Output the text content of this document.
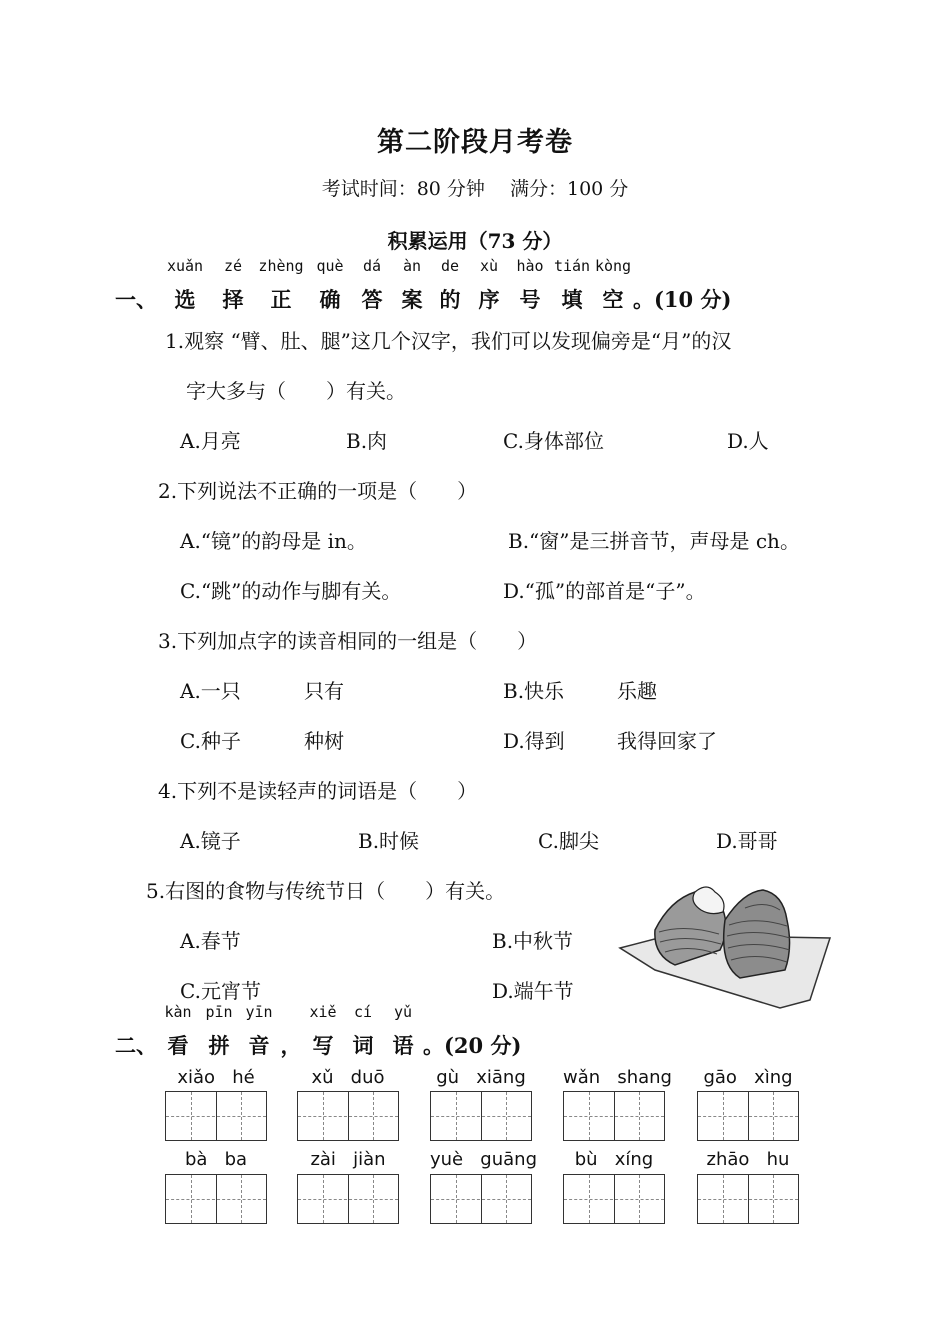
第二阶段月考卷
考试时间：80 分钟　 满分：100 分
积累运用（73 分）
一、
xuǎn
选
zé
择
zhèng
正
què
确
dá
答
àn
案
de
的
xù
序
hào
号
tián
填
kòng
空 。(10 分)
1.观察 “臂、肚、腿”这几个汉字，我们可以发现偏旁是“月”的汉
字大多与（　　）有关。
A.月亮	B.肉	C.身体部位	D.人
2.下列说法不正确的一项是（　　）
A.“镜”的韵母是 in。	B.“窗”是三拼音节，声母是 ch。
C.“跳”的动作与脚有关。	D.“孤”的部首是“子”。
3.下列加点字的读音相同的一组是（　　）
A.一只	只有	B.快乐	乐趣
C.种子	种树	D.得到	我得回家了
4.下列不是读轻声的词语是（　　）
A.镜子	B.时候	C.脚尖	D.哥哥
5.右图的食物与传统节日（　　）有关。
A.春节	B.中秋节
C.元宵节	D.端午节
二、
kàn
看
pīn
拼
yīn
音 ，
xiě
写
cí
词
yǔ
语 。(20 分)
xiǎo   hé	xǔ   duō	gù   xiāng	wǎn   shang	gāo   xìng
bà   ba	zài   jiàn	yuè   guāng	bù   xíng	zhāo   hu
